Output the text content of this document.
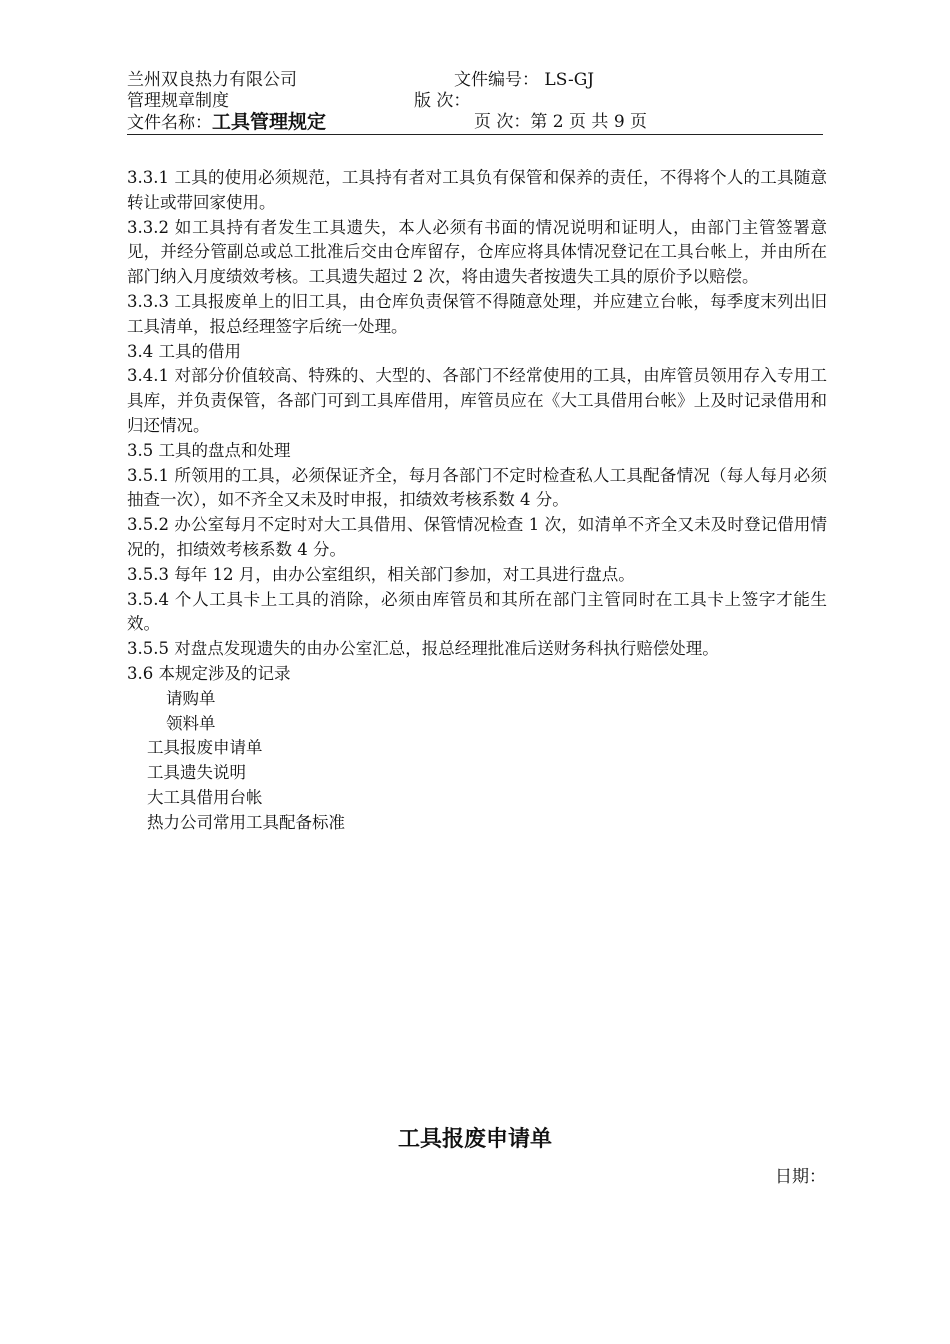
兰州双良热力有限公司	文件编号： LS-GJ
管理规章制度	版 次：
文件名称：工具管理规定	页 次：第 2 页 共 9 页

3.3.1 工具的使用必须规范，工具持有者对工具负有保管和保养的责任，不得将个人的工具随意转让或带回家使用。

3.3.2 如工具持有者发生工具遗失，本人必须有书面的情况说明和证明人，由部门主管签署意见，并经分管副总或总工批准后交由仓库留存，仓库应将具体情况登记在工具台帐上，并由所在部门纳入月度绩效考核。工具遗失超过 2 次，将由遗失者按遗失工具的原价予以赔偿。

3.3.3 工具报废单上的旧工具，由仓库负责保管不得随意处理，并应建立台帐，每季度末列出旧工具清单，报总经理签字后统一处理。

3.4 工具的借用

3.4.1 对部分价值较高、特殊的、大型的、各部门不经常使用的工具，由库管员领用存入专用工具库，并负责保管，各部门可到工具库借用，库管员应在《大工具借用台帐》上及时记录借用和归还情况。

3.5 工具的盘点和处理

3.5.1 所领用的工具，必须保证齐全，每月各部门不定时检查私人工具配备情况（每人每月必须抽查一次），如不齐全又未及时申报，扣绩效考核系数 4 分。

3.5.2 办公室每月不定时对大工具借用、保管情况检查 1 次，如清单不齐全又未及时登记借用情况的，扣绩效考核系数 4 分。

3.5.3 每年 12 月，由办公室组织，相关部门参加，对工具进行盘点。

3.5.4 个人工具卡上工具的消除，必须由库管员和其所在部门主管同时在工具卡上签字才能生效。

3.5.5 对盘点发现遗失的由办公室汇总，报总经理批准后送财务科执行赔偿处理。

3.6 本规定涉及的记录

请购单

领料单

工具报废申请单

工具遗失说明

大工具借用台帐

热力公司常用工具配备标准

工具报废申请单
日期：
